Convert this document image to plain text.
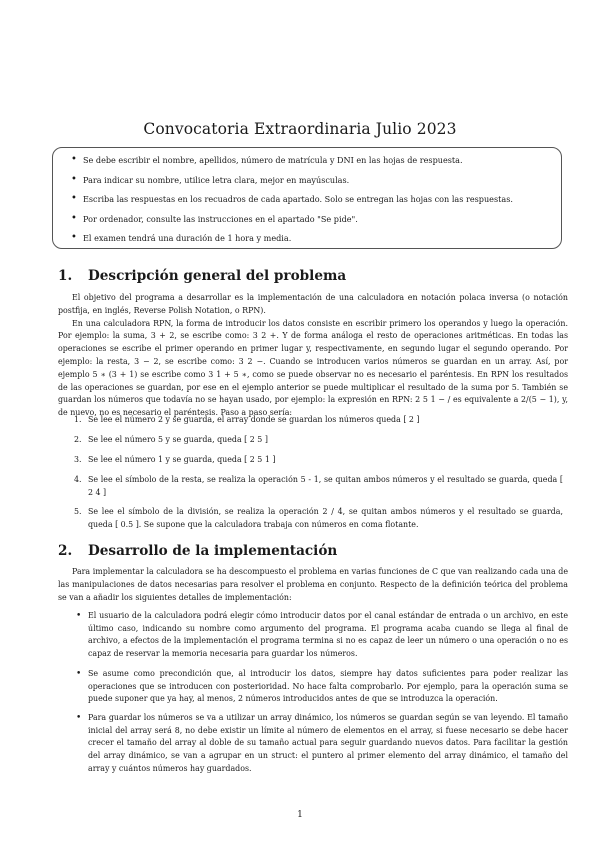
Convocatoria Extraordinaria Julio 2023
• Se debe escribir el nombre, apellidos, número de matrícula y DNI en las hojas de respuesta.
• Para indicar su nombre, utilice letra clara, mejor en mayúsculas.
• Escriba las respuestas en los recuadros de cada apartado. Solo se entregan las hojas con las respuestas.
• Por ordenador, consulte las instrucciones en el apartado "Se pide".
• El examen tendrá una duración de 1 hora y media.
1. Descripción general del problema

El objetivo del programa a desarrollar es la implementación de una calculadora en notación polaca inversa (o notación postfija, en inglés, Reverse Polish Notation, o RPN).

En una calculadora RPN, la forma de introducir los datos consiste en escribir primero los operandos y luego la operación. Por ejemplo: la suma, 3 + 2, se escribe como: 3 2 +. Y de forma análoga el resto de operaciones aritméticas. En todas las operaciones se escribe el primer operando en primer lugar y, respectivamente, en segundo lugar el segundo operando. Por ejemplo: la resta, 3 − 2, se escribe como: 3 2 −. Cuando se introducen varios números se guardan en un array. Así, por ejemplo 5 ∗ (3 + 1) se escribe como 3 1 + 5 ∗, como se puede observar no es necesario el paréntesis. En RPN los resultados de las operaciones se guardan, por ese en el ejemplo anterior se puede multiplicar el resultado de la suma por 5. También se guardan los números que todavía no se hayan usado, por ejemplo: la expresión en RPN: 2 5 1 − / es equivalente a 2/(5 − 1), y, de nuevo, no es necesario el paréntesis. Paso a paso sería:

1. Se lee el número 2 y se guarda, el array donde se guardan los números queda [ 2 ]
2. Se lee el número 5 y se guarda, queda [ 2 5 ]
3. Se lee el número 1 y se guarda, queda [ 2 5 1 ]
4. Se lee el símbolo de la resta, se realiza la operación 5 - 1, se quitan ambos números y el resultado se guarda, queda [ 2 4 ]
5. Se lee el símbolo de la división, se realiza la operación 2 / 4, se quitan ambos números y el resultado se guarda, queda [ 0.5 ]. Se supone que la calculadora trabaja con números en coma flotante.
2. Desarrollo de la implementación

Para implementar la calculadora se ha descompuesto el problema en varias funciones de C que van realizando cada una de las manipulaciones de datos necesarias para resolver el problema en conjunto. Respecto de la definición teórica del problema se van a añadir los siguientes detalles de implementación:

• El usuario de la calculadora podrá elegir cómo introducir datos por el canal estándar de entrada o un archivo, en este último caso, indicando su nombre como argumento del programa. El programa acaba cuando se llega al final de archivo, a efectos de la implementación el programa termina si no es capaz de leer un número o una operación o no es capaz de reservar la memoria necesaria para guardar los números.
• Se asume como precondición que, al introducir los datos, siempre hay datos suficientes para poder realizar las operaciones que se introducen con posterioridad. No hace falta comprobarlo. Por ejemplo, para la operación suma se puede suponer que ya hay, al menos, 2 números introducidos antes de que se introduzca la operación.
• Para guardar los números se va a utilizar un array dinámico, los números se guardan según se van leyendo. El tamaño inicial del array será 8, no debe existir un límite al número de elementos en el array, si fuese necesario se debe hacer crecer el tamaño del array al doble de su tamaño actual para seguir guardando nuevos datos. Para facilitar la gestión del array dinámico, se van a agrupar en un struct: el puntero al primer elemento del array dinámico, el tamaño del array y cuántos números hay guardados.
1
